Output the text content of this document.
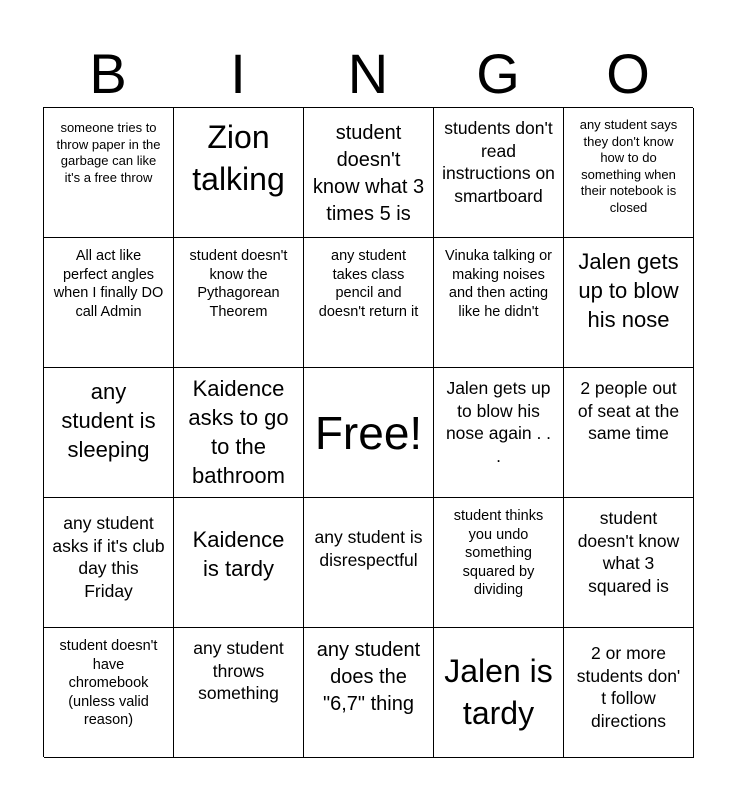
B	I	N	G	O
someone tries to throw paper in the garbage can like it's a free throw
Zion talking
student doesn't know what 3 times 5 is
students don't read instructions on smartboard
any student says they don't know how to do something when their notebook is closed
All act like perfect angles when I finally DO call Admin
student doesn't know the Pythagorean Theorem
any student takes class pencil and doesn't return it
Vinuka talking or making noises and then acting like he didn't
Jalen gets up to blow his nose
any student is sleeping
Kaidence asks to go to the bathroom
Free!
Jalen gets up to blow his nose again . . .
2 people out of seat at the same time
any student asks if it's club day this Friday
Kaidence is tardy
any student is disrespectful
student thinks you undo something squared by dividing
student doesn't know what 3 squared is
student doesn't have chromebook (unless valid reason)
any student throws something
any student does the "6,7" thing
Jalen is tardy
2 or more students don' t follow directions
